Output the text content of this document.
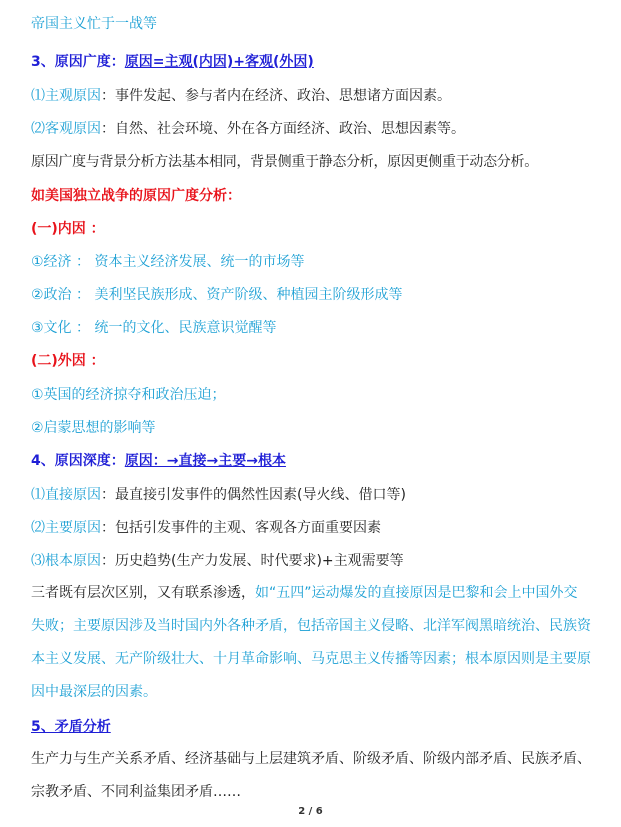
帝国主义忙于一战等
3、原因广度：原因=主观(内因)+客观(外因)
⑴主观原因：事件发起、参与者内在经济、政治、思想诸方面因素。
⑵客观原因：自然、社会环境、外在各方面经济、政治、思想因素等。
原因广度与背景分析方法基本相同，背景侧重于静态分析，原因更侧重于动态分析。
如美国独立战争的原因广度分析：
(一)内因 ：
①经济 ： 资本主义经济发展、统一的市场等
②政治 ： 美利坚民族形成、资产阶级、种植园主阶级形成等
③文化 ： 统一的文化、民族意识觉醒等
(二)外因 ：
①英国的经济掠夺和政治压迫；
②启蒙思想的影响等
4、原因深度：原因：→直接→主要→根本
⑴直接原因：最直接引发事件的偶然性因素(导火线、借口等)
⑵主要原因：包括引发事件的主观、客观各方面重要因素
⑶根本原因：历史趋势(生产力发展、时代要求)+主观需要等
三者既有层次区别，又有联系渗透，如“五四”运动爆发的直接原因是巴黎和会上中国外交失败；主要原因涉及当时国内外各种矛盾，包括帝国主义侵略、北洋军阀黑暗统治、民族资本主义发展、无产阶级壮大、十月革命影响、马克思主义传播等因素；根本原因则是主要原因中最深层的因素。
5、矛盾分析
生产力与生产关系矛盾、经济基础与上层建筑矛盾、阶级矛盾、阶级内部矛盾、民族矛盾、宗教矛盾、不同利益集团矛盾……
2 / 6
